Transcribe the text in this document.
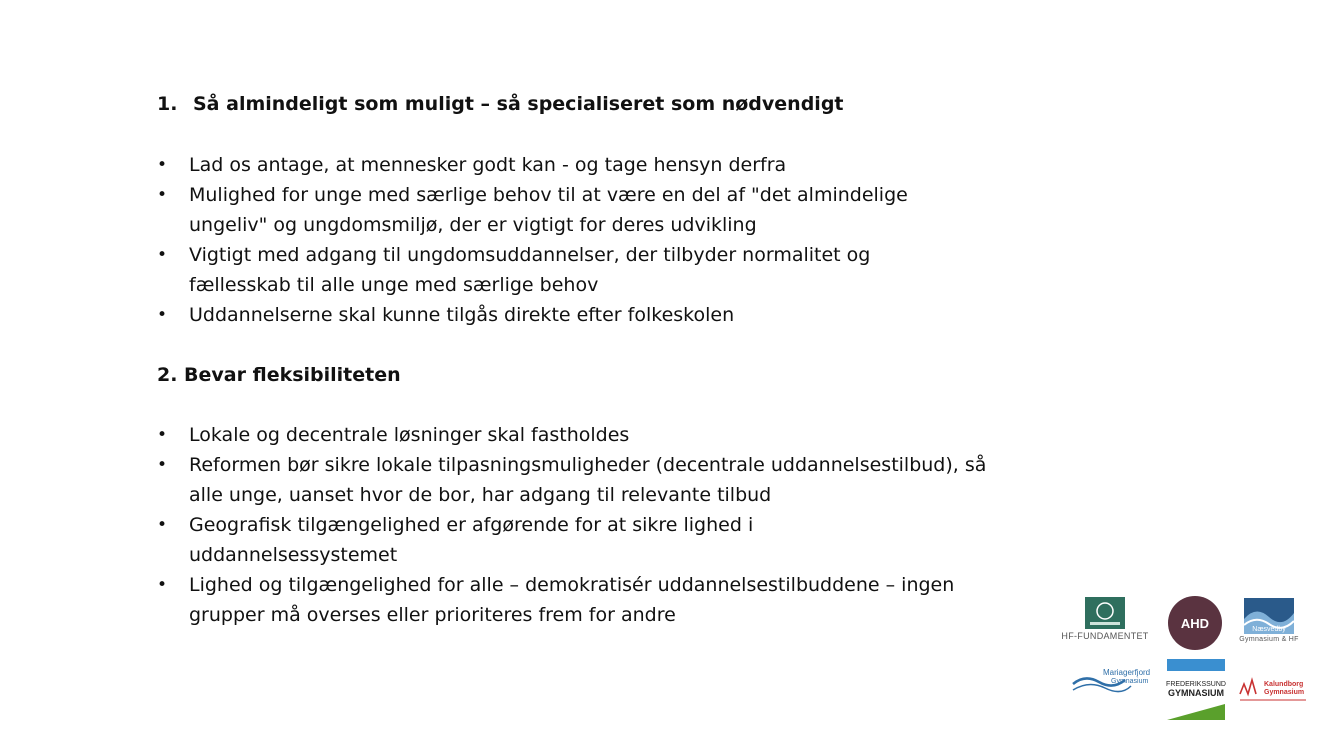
1. Så almindeligt som muligt – så specialiseret som nødvendigt
•	Lad os antage, at mennesker godt kan - og tage hensyn derfra
•	Mulighed for unge med særlige behov til at være en del af "det almindelige ungeliv" og ungdomsmiljø, der er vigtigt for deres udvikling
•	Vigtigt med adgang til ungdomsuddannelser, der tilbyder normalitet og fællesskab til alle unge med særlige behov
•	Uddannelserne skal kunne tilgås direkte efter folkeskolen
2. Bevar fleksibiliteten
•	Lokale og decentrale løsninger skal fastholdes
•	Reformen bør sikre lokale tilpasningsmuligheder (decentrale uddannelsestilbud), så alle unge, uanset hvor de bor, har adgang til relevante tilbud
•	Geografisk tilgængelighed er afgørende for at sikre lighed i uddannelsessystemet
•	Lighed og tilgængelighed for alle – demokratisér uddannelsestilbuddene – ingen grupper må overses eller prioriteres frem for andre
HF-FUNDAMENTET
AHD	Næsvedby
Gymnasium & HF
Mariagerfjord
Gymnasium	FREDERIKSSUND
GYMNASIUM
Kalundborg
Gymnasium
